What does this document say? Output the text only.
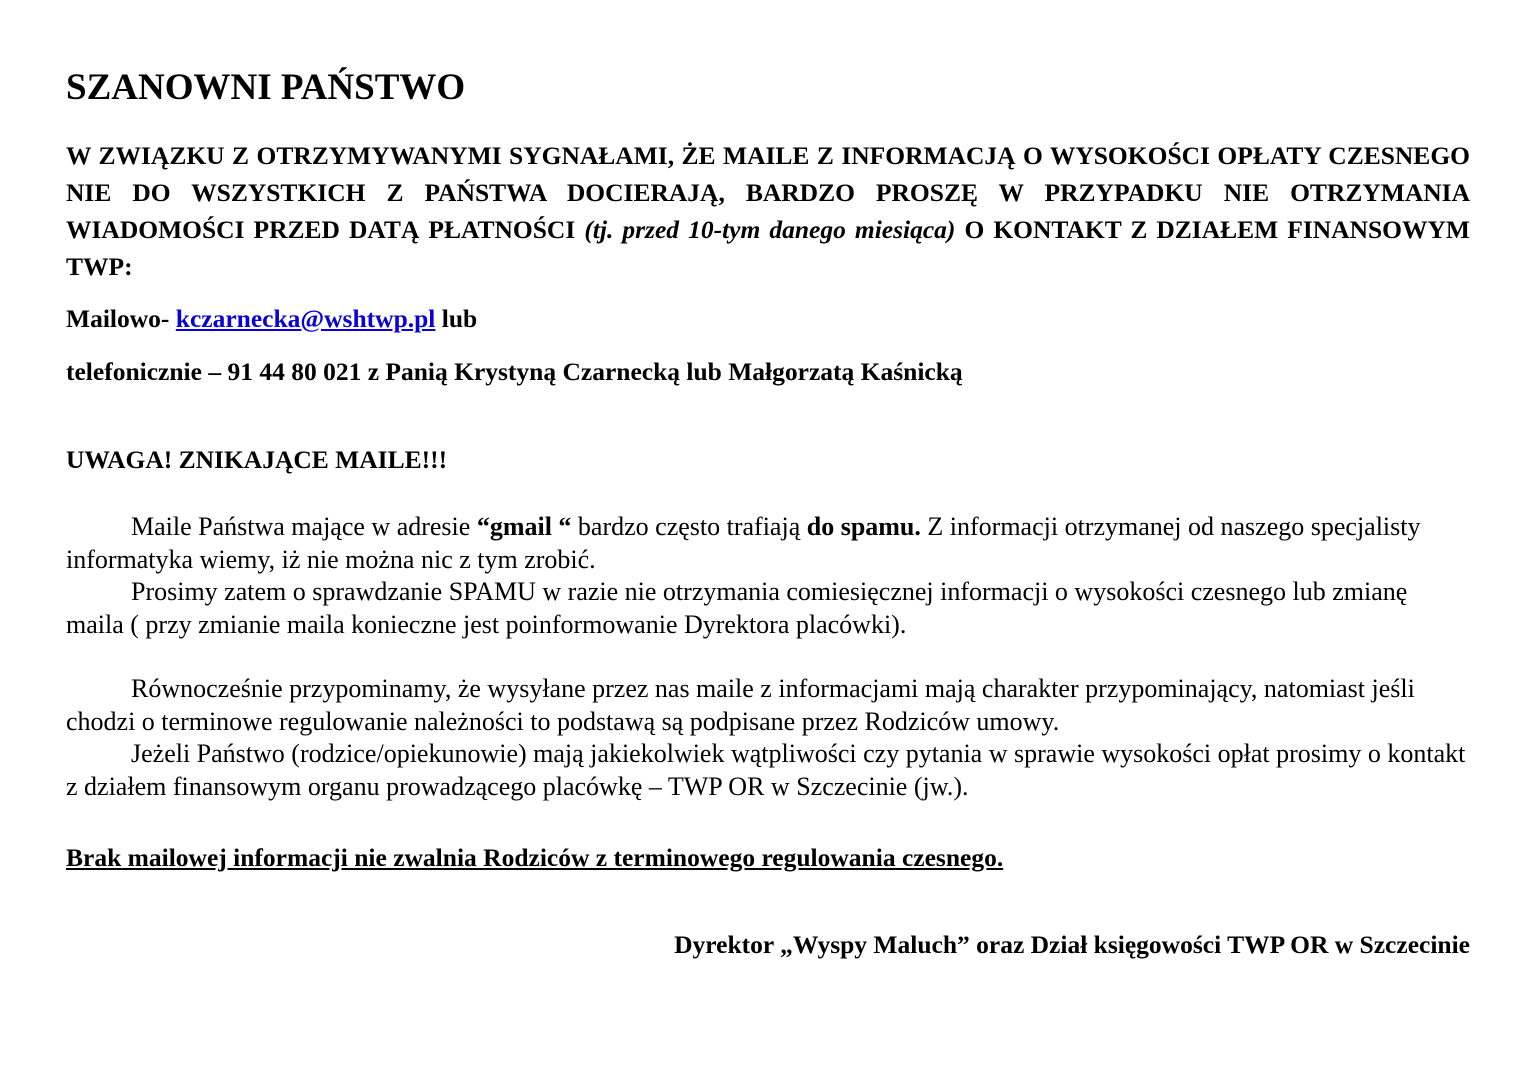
SZANOWNI PAŃSTWO
W ZWIĄZKU Z OTRZYMYWANYMI SYGNAŁAMI, ŻE MAILE Z INFORMACJĄ O WYSOKOŚCI OPŁATY CZESNEGO NIE DO WSZYSTKICH Z PAŃSTWA DOCIERAJĄ, BARDZO PROSZĘ W PRZYPADKU NIE OTRZYMANIA WIADOMOŚCI PRZED DATĄ PŁATNOŚCI (tj. przed 10-tym danego miesiąca) O KONTAKT Z DZIAŁEM FINANSOWYM TWP:
Mailowo- kczarnecka@wshtwp.pl lub
telefonicznie – 91 44 80 021 z Panią Krystyną Czarnecką lub Małgorzatą Kaśnicką
UWAGA! ZNIKAJĄCE MAILE!!!

Maile Państwa mające w adresie “gmail “ bardzo często trafiają do spamu. Z informacji otrzymanej od naszego specjalisty informatyka wiemy, iż nie można nic z tym zrobić.

Prosimy zatem o sprawdzanie SPAMU w razie nie otrzymania comiesięcznej informacji o wysokości czesnego lub zmianę maila ( przy zmianie maila konieczne jest poinformowanie Dyrektora placówki).

Równocześnie przypominamy, że wysyłane przez nas maile z informacjami mają charakter przypominający, natomiast jeśli chodzi o terminowe regulowanie należności to podstawą są podpisane przez Rodziców umowy.

Jeżeli Państwo (rodzice/opiekunowie) mają jakiekolwiek wątpliwości czy pytania w sprawie wysokości opłat prosimy o kontakt z działem finansowym organu prowadzącego placówkę – TWP OR w Szczecinie (jw.).

Brak mailowej informacji nie zwalnia Rodziców z terminowego regulowania czesnego.
Dyrektor „Wyspy Maluch” oraz Dział księgowości TWP OR w Szczecinie
